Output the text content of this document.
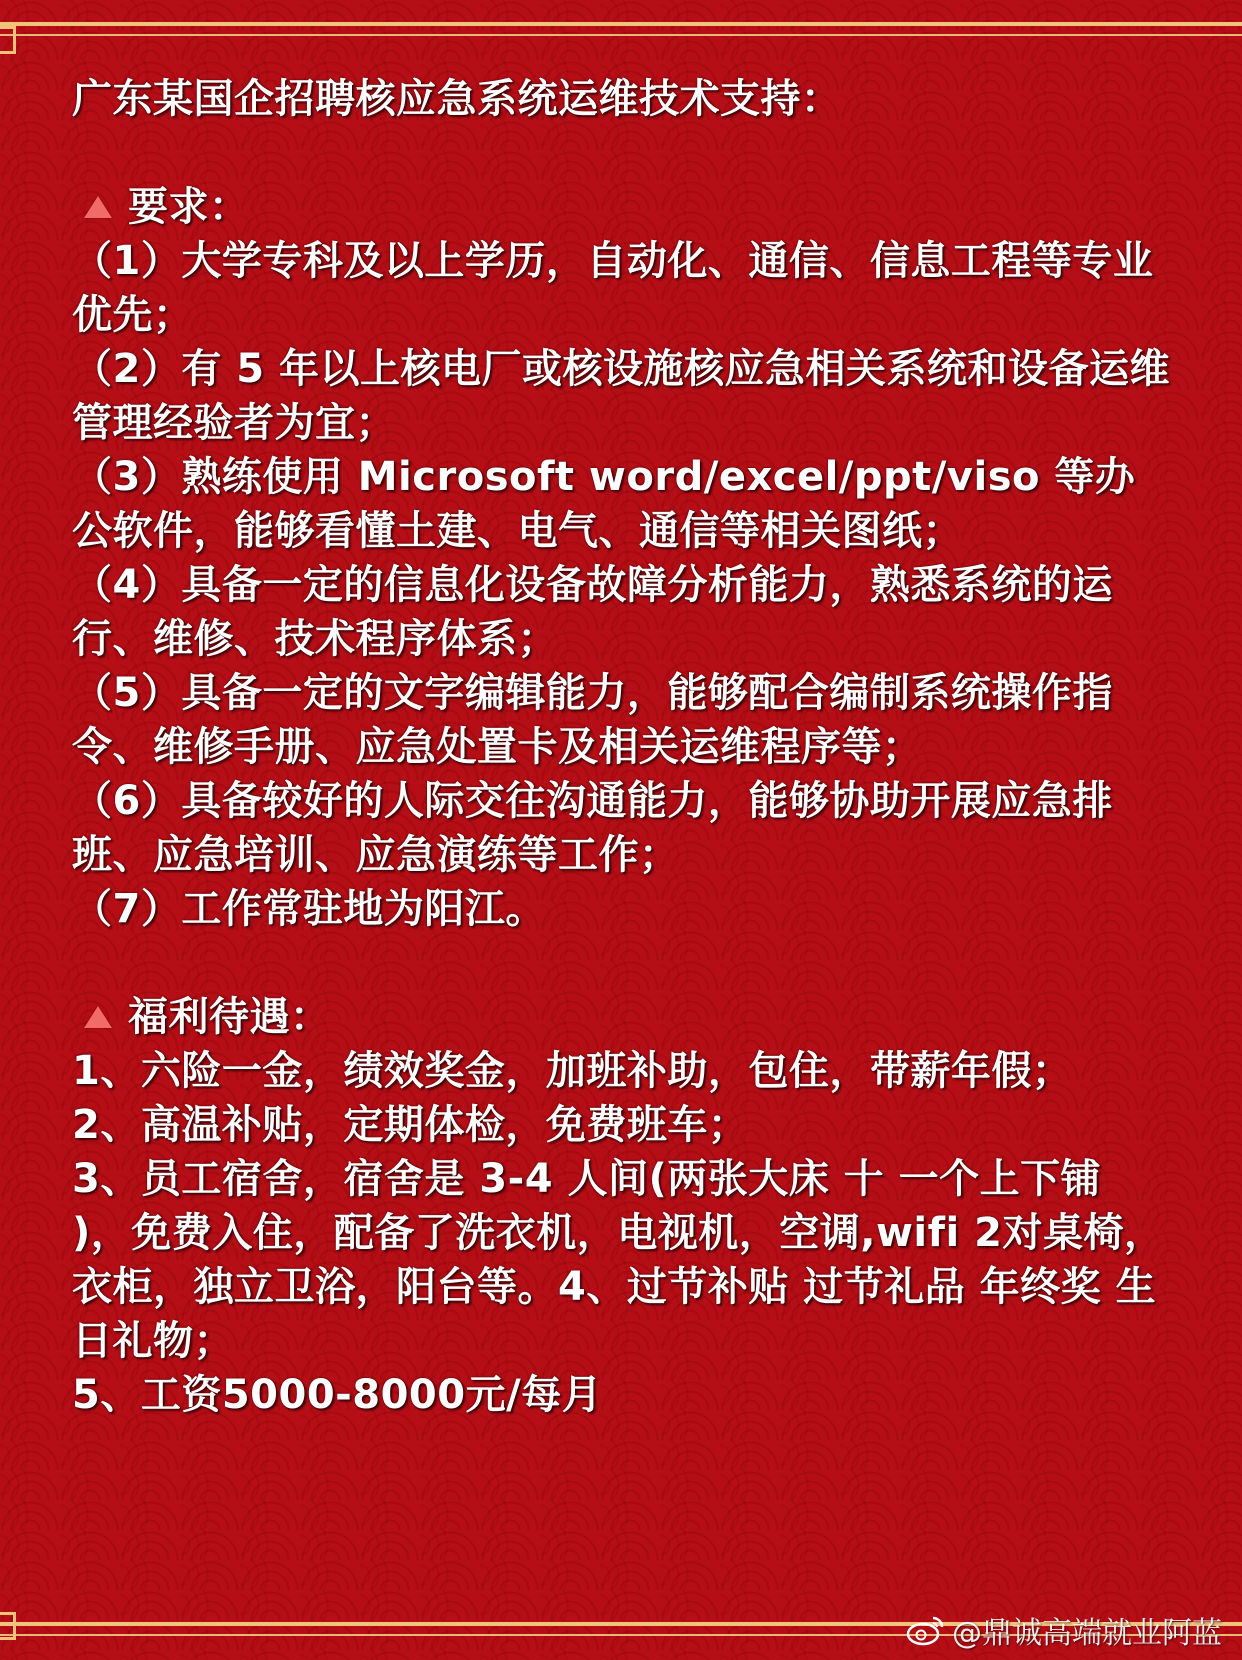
广东某国企招聘核应急系统运维技术支持：

要求：

（1）大学专科及以上学历，自动化、通信、信息工程等专业优先；

（2）有 5 年以上核电厂或核设施核应急相关系统和设备运维管理经验者为宜；

（3）熟练使用 Microsoft word/excel/ppt/viso 等办公软件，能够看懂土建、电气、通信等相关图纸；

（4）具备一定的信息化设备故障分析能力，熟悉系统的运行、维修、技术程序体系；

（5）具备一定的文字编辑能力，能够配合编制系统操作指令、维修手册、应急处置卡及相关运维程序等；

（6）具备较好的人际交往沟通能力，能够协助开展应急排班、应急培训、应急演练等工作；

（7）工作常驻地为阳江。

福利待遇：

1、六险一金，绩效奖金，加班补助，包住，带薪年假；

2、高温补贴，定期体检，免费班车；

3、员工宿舍，宿舍是 3-4 人间(两张大床 十 一个上下铺 )，免费入住，配备了洗衣机，电视机，空调,wifi 2对桌椅，衣柜，独立卫浴，阳台等。4、过节补贴 过节礼品 年终奖 生日礼物；

5、工资5000-8000元/每月

@鼎诚高端就业阿蓝
